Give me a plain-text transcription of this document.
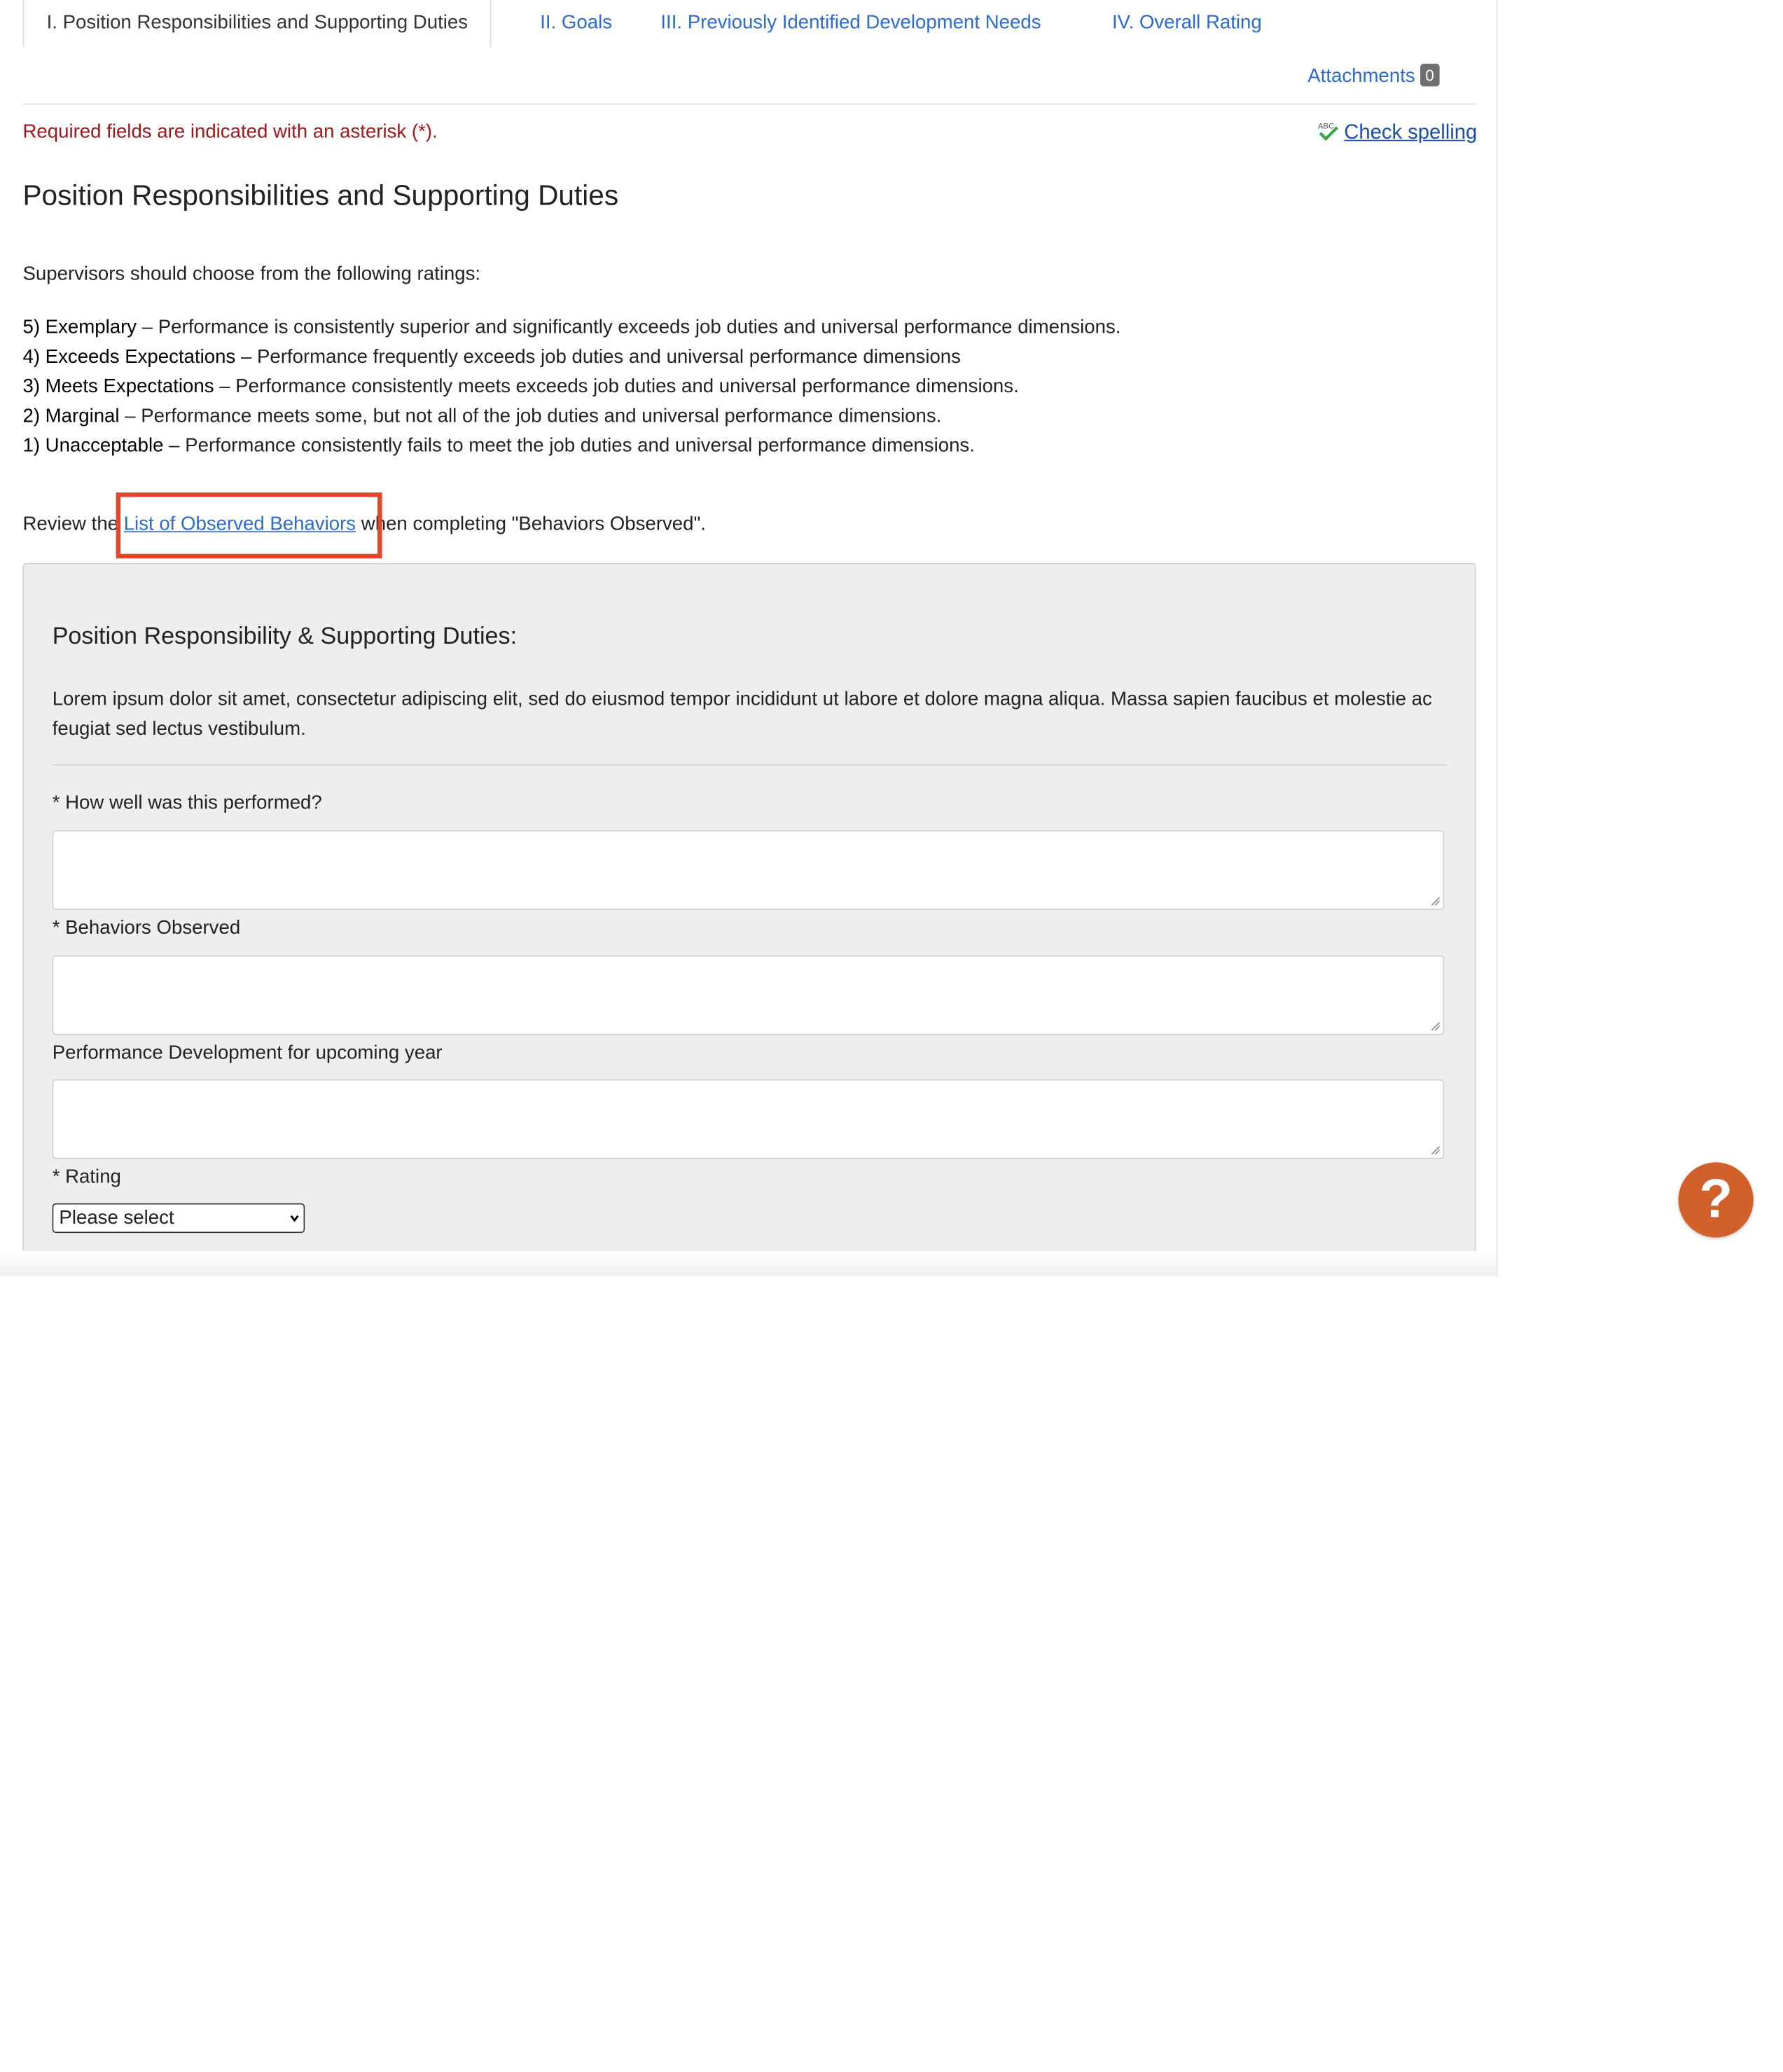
I. Position Responsibilities and Supporting Duties	II. Goals	III. Previously Identified Development Needs	IV. Overall Rating
Attachments 0
Required fields are indicated with an asterisk (*).	ABC Check spelling
Position Responsibilities and Supporting Duties
Supervisors should choose from the following ratings:
5) Exemplary – Performance is consistently superior and significantly exceeds job duties and universal performance dimensions.
4) Exceeds Expectations – Performance frequently exceeds job duties and universal performance dimensions
3) Meets Expectations – Performance consistently meets exceeds job duties and universal performance dimensions.
2) Marginal – Performance meets some, but not all of the job duties and universal performance dimensions.
1) Unacceptable – Performance consistently fails to meet the job duties and universal performance dimensions.
Review the List of Observed Behaviors when completing "Behaviors Observed".
Position Responsibility & Supporting Duties:
Lorem ipsum dolor sit amet, consectetur adipiscing elit, sed do eiusmod tempor incididunt ut labore et dolore magna aliqua. Massa sapien faucibus et molestie ac feugiat sed lectus vestibulum.
* How well was this performed?
* Behaviors Observed
Performance Development for upcoming year
* Rating
Please select	?
